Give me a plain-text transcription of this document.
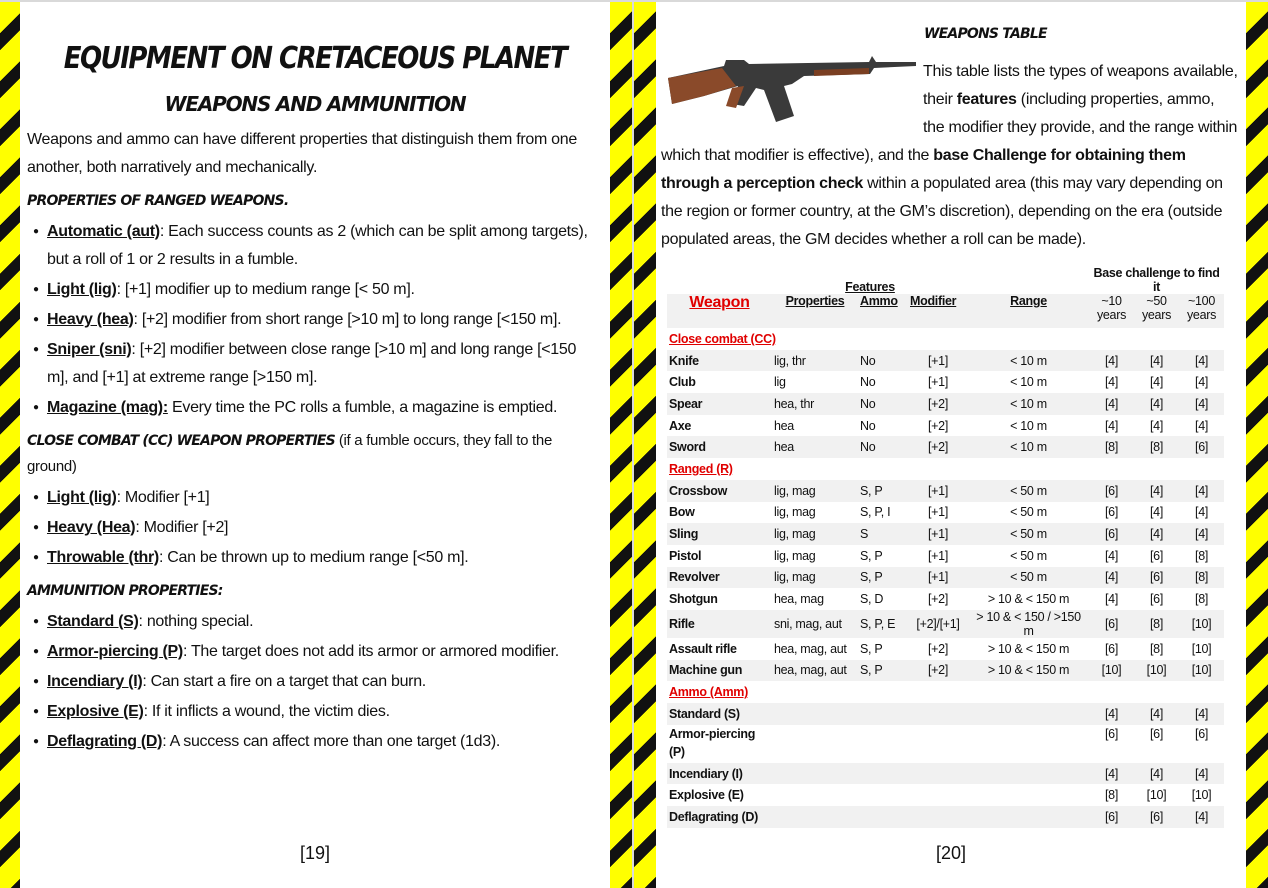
EQUIPMENT ON CRETACEOUS PLANET
WEAPONS AND AMMUNITION

Weapons and ammo can have different properties that distinguish them from one another, both narratively and mechanically.

PROPERTIES OF RANGED WEAPONS.
● Automatic (aut): Each success counts as 2 (which can be split among targets), but a roll of 1 or 2 results in a fumble.
● Light (lig): [+1] modifier up to medium range [< 50 m].
● Heavy (hea): [+2] modifier from short range [>10 m] to long range [<150 m].
● Sniper (sni): [+2] modifier between close range [>10 m] and long range [<150 m], and [+1] at extreme range [>150 m].
● Magazine (mag): Every time the PC rolls a fumble, a magazine is emptied.
CLOSE COMBAT (CC) WEAPON PROPERTIES (if a fumble occurs, they fall to the ground)
● Light (lig): Modifier [+1]
● Heavy (Hea): Modifier [+2]
● Throwable (thr): Can be thrown up to medium range [<50 m].
AMMUNITION PROPERTIES:
● Standard (S): nothing special.
● Armor-piercing (P): The target does not add its armor or armored modifier.
● Incendiary (I): Can start a fire on a target that can burn.
● Explosive (E): If it inflicts a wound, the victim dies.
● Deflagrating (D): A success can affect more than one target (1d3).
[19]
WEAPONS TABLE
This table lists the types of weapons available, their features (including properties, ammo, the modifier they provide, and the range within which that modifier is effective), and the base Challenge for obtaining them through a perception check within a populated area (this may vary depending on the region or former country, at the GM’s discretion), depending on the era (outside populated areas, the GM decides whether a roll can be made).
	Features				Base challenge to find it		
Weapon	Properties	Ammo	Modifier	Range	~10 years	~50 years	~100 years
Close combat (CC)							
Knife	lig, thr	No	[+1]	< 10 m	[4]	[4]	[4]
Club	lig	No	[+1]	< 10 m	[4]	[4]	[4]
Spear	hea, thr	No	[+2]	< 10 m	[4]	[4]	[4]
Axe	hea	No	[+2]	< 10 m	[4]	[4]	[4]
Sword	hea	No	[+2]	< 10 m	[8]	[8]	[6]
Ranged (R)							
Crossbow	lig, mag	S, P	[+1]	< 50 m	[6]	[4]	[4]
Bow	lig, mag	S, P, I	[+1]	< 50 m	[6]	[4]	[4]
Sling	lig, mag	S	[+1]	< 50 m	[6]	[4]	[4]
Pistol	lig, mag	S, P	[+1]	< 50 m	[4]	[6]	[8]
Revolver	lig, mag	S, P	[+1]	< 50 m	[4]	[6]	[8]
Shotgun	hea, mag	S, D	[+2]	> 10 & < 150 m	[4]	[6]	[8]
Rifle	sni, mag, aut	S, P, E	[+2]/[+1]	> 10 & < 150 / >150 m	[6]	[8]	[10]
Assault rifle	hea, mag, aut	S, P	[+2]	> 10 & < 150 m	[6]	[8]	[10]
Machine gun	hea, mag, aut	S, P	[+2]	> 10 & < 150 m	[10]	[10]	[10]
Ammo (Amm)							
Standard (S)					[4]	[4]	[4]
Armor-piercing (P)					[6]	[6]	[6]
Incendiary (I)					[4]	[4]	[4]
Explosive (E)					[8]	[10]	[10]
Deflagrating (D)					[6]	[6]	[4]
[20]
